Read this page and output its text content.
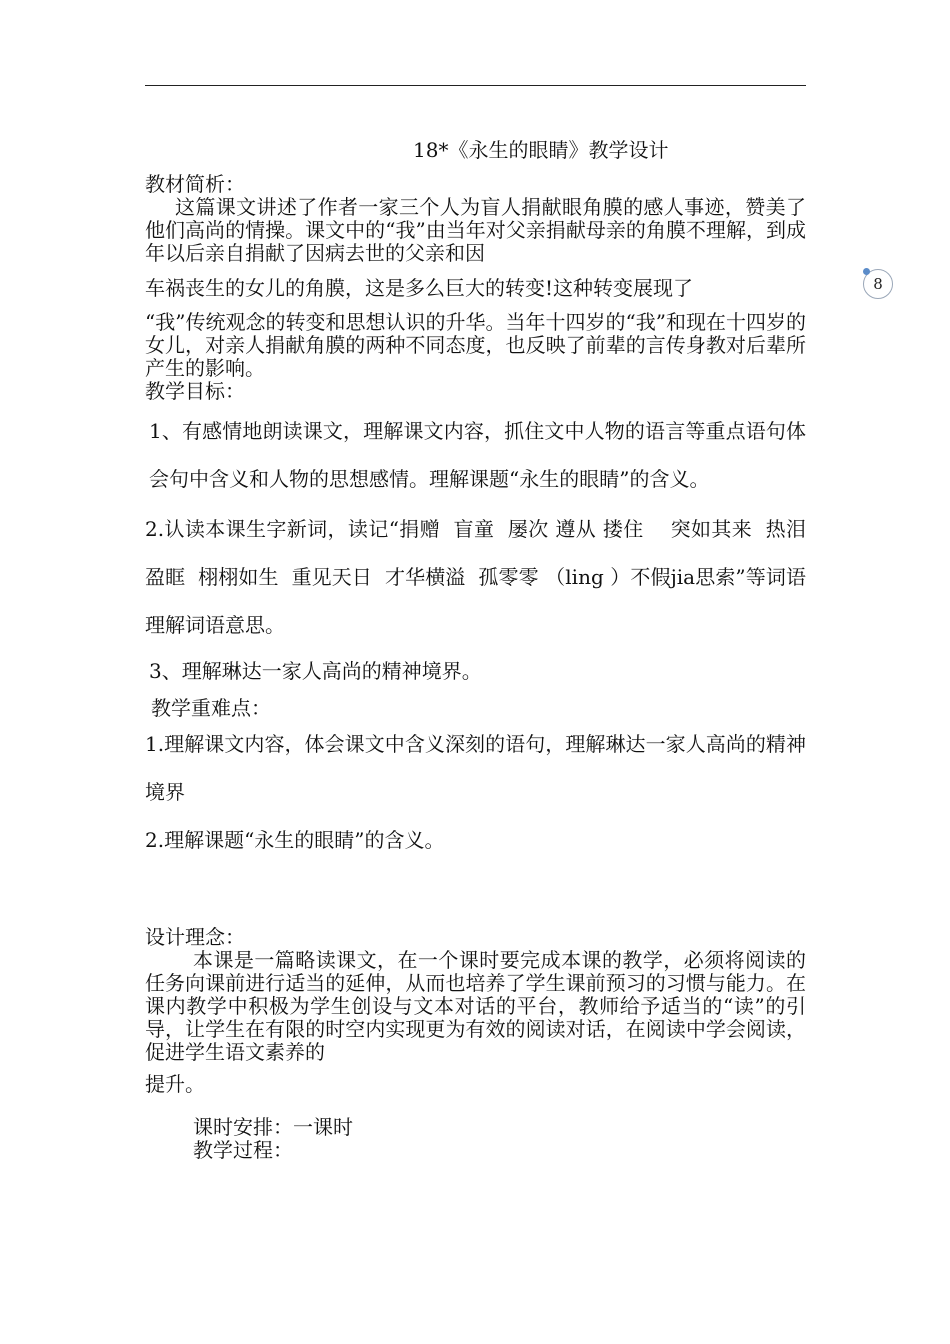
8
18*《永生的眼睛》教学设计

教材简析：

这篇课文讲述了作者一家三个人为盲人捐献眼角膜的感人事迹，赞美了他们高尚的情操。课文中的“我”由当年对父亲捐献母亲的角膜不理解，到成年以后亲自捐献了因病去世的父亲和因

车祸丧生的女儿的角膜，这是多么巨大的转变!这种转变展现了

“我”传统观念的转变和思想认识的升华。当年十四岁的“我”和现在十四岁的女儿，对亲人捐献角膜的两种不同态度，也反映了前辈的言传身教对后辈所产生的影响。

教学目标：

1、有感情地朗读课文，理解课文内容，抓住文中人物的语言等重点语句体会句中含义和人物的思想感情。理解课题“永生的眼睛”的含义。

2.认读本课生字新词，读记“捐赠  盲童  屡次 遵从 搂住    突如其来  热泪盈眶  栩栩如生  重见天日  才华横溢  孤零零 （ling ）不假jia思索”等词语理解词语意思。

3、理解琳达一家人高尚的精神境界。

教学重难点：

1.理解课文内容，体会课文中含义深刻的语句，理解琳达一家人高尚的精神境界

2.理解课题“永生的眼睛”的含义。

设计理念：

本课是一篇略读课文，在一个课时要完成本课的教学，必须将阅读的任务向课前进行适当的延伸，从而也培养了学生课前预习的习惯与能力。在课内教学中积极为学生创设与文本对话的平台，教师给予适当的“读”的引导，让学生在有限的时空内实现更为有效的阅读对话，在阅读中学会阅读，促进学生语文素养的

提升。

课时安排：一课时
教学过程：
